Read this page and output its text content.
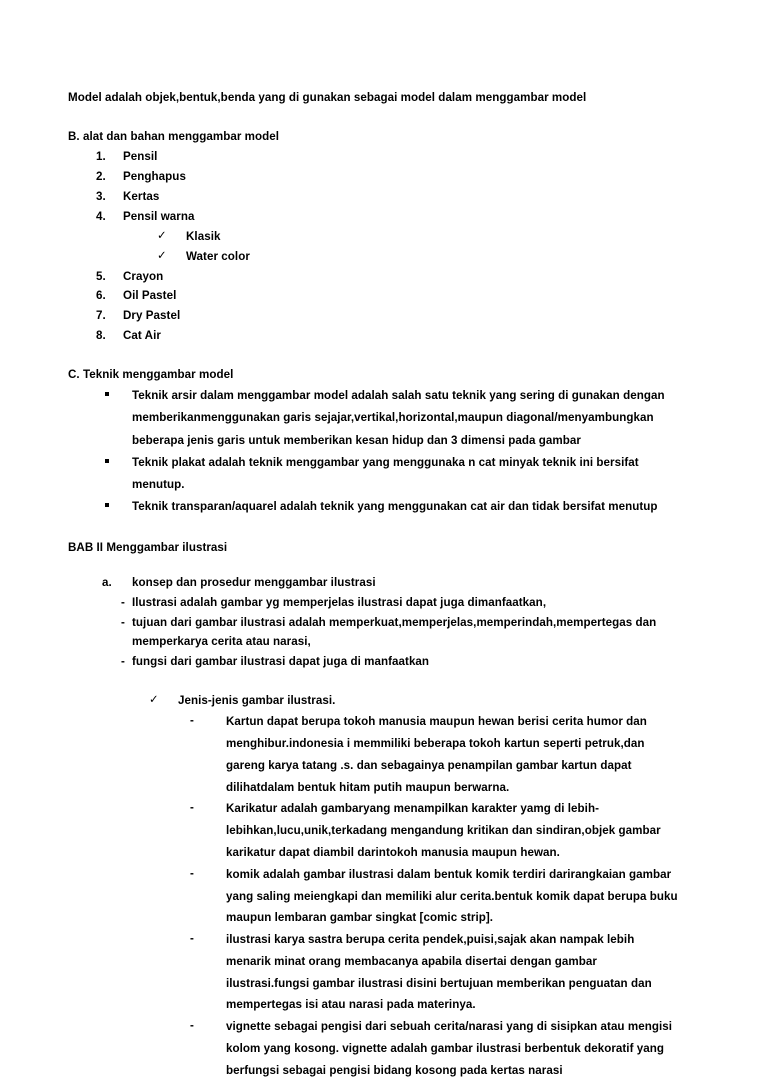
Model adalah objek,bentuk,benda yang di gunakan sebagai model dalam menggambar model

B. alat dan bahan menggambar model

1.	Pensil
2.	Penghapus
3.	Kertas
4.	Pensil warna
✓	Klasik
✓	Water color
5.	Crayon
6.	Oil Pastel
7.	Dry Pastel
8.	Cat Air

C. Teknik menggambar model

Teknik arsir dalam menggambar model adalah salah satu teknik yang sering di gunakan dengan memberikanmenggunakan garis sejajar,vertikal,horizontal,maupun diagonal/menyambungkan beberapa jenis garis untuk memberikan kesan hidup dan 3 dimensi pada gambar
Teknik plakat adalah teknik menggambar yang menggunaka n cat minyak teknik ini bersifat menutup.
Teknik transparan/aquarel adalah teknik yang menggunakan cat air dan tidak bersifat menutup

BAB II Menggambar ilustrasi

a.	konsep dan prosedur menggambar ilustrasi
- Ilustrasi adalah gambar yg memperjelas ilustrasi dapat juga dimanfaatkan,
- tujuan dari gambar ilustrasi adalah memperkuat,memperjelas,memperindah,mempertegas dan memperkarya cerita atau narasi,
- fungsi dari gambar ilustrasi dapat juga di manfaatkan
✓	Jenis-jenis gambar ilustrasi.
-	Kartun dapat berupa tokoh manusia maupun hewan berisi cerita humor dan menghibur.indonesia i memmiliki beberapa tokoh kartun seperti petruk,dan gareng karya tatang .s. dan sebagainya penampilan gambar kartun dapat dilihatdalam bentuk hitam putih maupun berwarna.
-	Karikatur adalah gambaryang menampilkan karakter yamg di lebih-lebihkan,lucu,unik,terkadang mengandung kritikan dan sindiran,objek gambar karikatur dapat diambil darintokoh manusia maupun hewan.
-	komik adalah gambar ilustrasi dalam bentuk komik terdiri darirangkaian gambar yang saling meiengkapi dan memiliki alur cerita.bentuk komik dapat berupa buku maupun lembaran gambar singkat [comic strip].
-	ilustrasi karya sastra berupa cerita pendek,puisi,sajak akan nampak lebih menarik minat orang membacanya apabila disertai dengan gambar ilustrasi.fungsi gambar ilustrasi disini bertujuan memberikan penguatan dan mempertegas isi atau narasi pada materinya.
-	vignette sebagai pengisi dari sebuah cerita/narasi yang di sisipkan atau mengisi kolom yang kosong. vignette adalah gambar ilustrasi berbentuk dekoratif yang berfungsi sebagai pengisi bidang kosong pada kertas narasi
